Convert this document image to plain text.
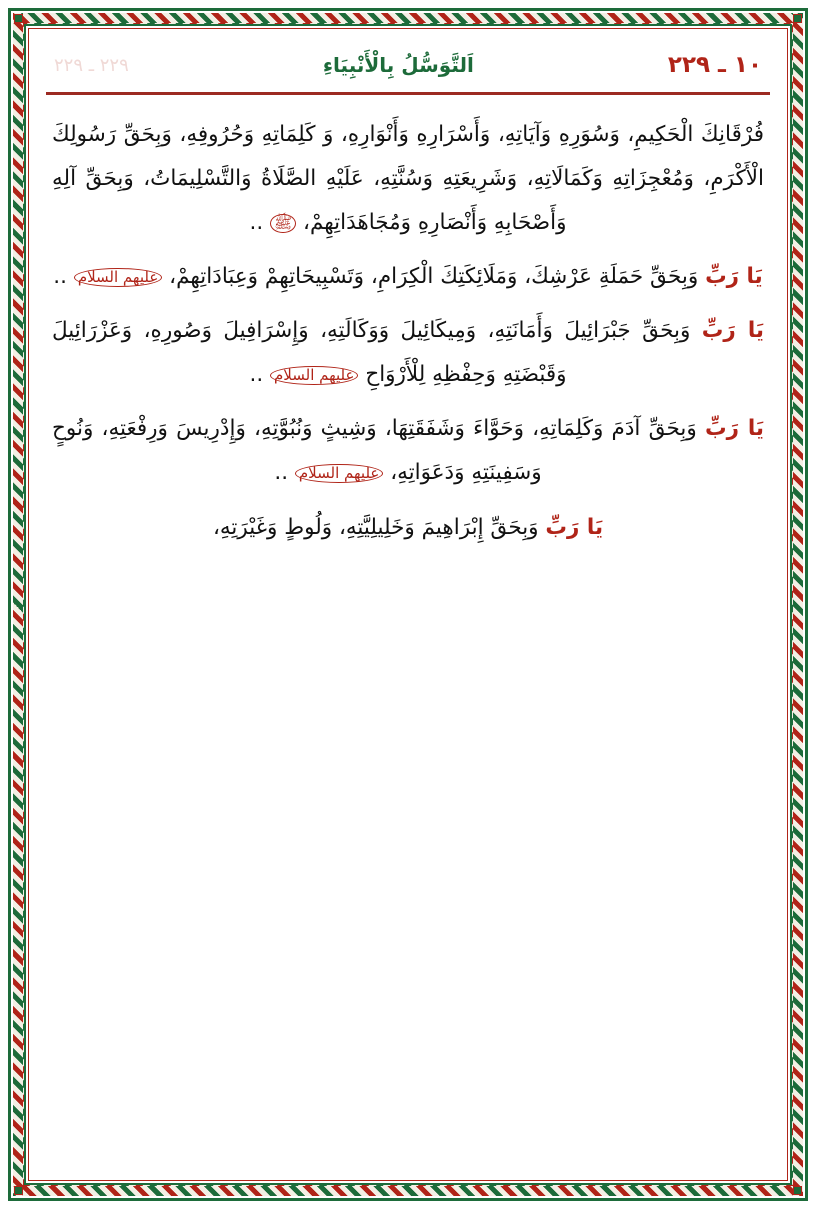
١٠ ـ ٢٢٩
اَلتَّوَسُّلُ بِالْأَنْبِيَاءِ
٢٢٩ ـ ٢٢٩

فُرْقَانِكَ الْحَكِيمِ، وَسُوَرِهِ وَآيَاتِهِ، وَأَسْرَارِهِ وَأَنْوَارِهِ، وَ كَلِمَاتِهِ وَحُرُوفِهِ، وَبِحَقِّ رَسُولِكَ الْأَكْرَمِ، وَمُعْجِزَاتِهِ وَكَمَالَاتِهِ، وَشَرِيعَتِهِ وَسُنَّتِهِ، عَلَيْهِ الصَّلَاةُ وَالتَّسْلِيمَاتُ، وَبِحَقِّ آلِهِ وَأَصْحَابِهِ وَأَنْصَارِهِ وَمُجَاهَدَاتِهِمْ، ﷺ ..

يَا رَبِّ وَبِحَقِّ حَمَلَةِ عَرْشِكَ، وَمَلَائِكَتِكَ الْكِرَامِ، وَتَسْبِيحَاتِهِمْ وَعِبَادَاتِهِمْ، عليهم السلام ..

يَا رَبِّ وَبِحَقِّ جَبْرَائِيلَ وَأَمَانَتِهِ، وَمِيكَائِيلَ وَوَكَالَتِهِ، وَإِسْرَافِيلَ وَصُورِهِ، وَعَزْرَائِيلَ وَقَبْضَتِهِ وَحِفْظِهِ لِلْأَرْوَاحِ عليهم السلام ..

يَا رَبِّ وَبِحَقِّ آدَمَ وَكَلِمَاتِهِ، وَحَوَّاءَ وَشَفَقَتِهَا، وَشِيثٍ وَنُبُوَّتِهِ، وَإِدْرِيسَ وَرِفْعَتِهِ، وَنُوحٍ وَسَفِينَتِهِ وَدَعَوَاتِهِ، عليهم السلام ..

يَا رَبِّ وَبِحَقِّ إِبْرَاهِيمَ وَخَلِيلِيَّتِهِ، وَلُوطٍ وَغَيْرَتِهِ،
